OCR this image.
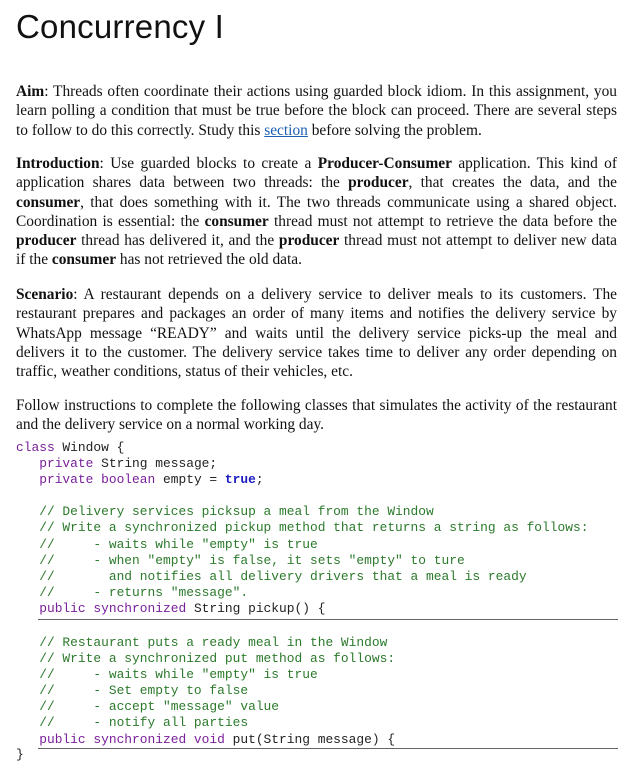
Concurrency I

Aim: Threads often coordinate their actions using guarded block idiom. In this assignment, you learn polling a condition that must be true before the block can proceed. There are several steps to follow to do this correctly. Study this section before solving the problem.

Introduction: Use guarded blocks to create a Producer-Consumer application. This kind of application shares data between two threads: the producer, that creates the data, and the consumer, that does something with it. The two threads communicate using a shared object. Coordination is essential: the consumer thread must not attempt to retrieve the data before the producer thread has delivered it, and the producer thread must not attempt to deliver new data if the consumer has not retrieved the old data.

Scenario: A restaurant depends on a delivery service to deliver meals to its customers. The restaurant prepares and packages an order of many items and notifies the delivery service by WhatsApp message “READY” and waits until the delivery service picks-up the meal and delivers it to the customer. The delivery service takes time to deliver any order depending on traffic, weather conditions, status of their vehicles, etc.

Follow instructions to complete the following classes that simulates the activity of the restaurant and the delivery service on a normal working day.

class Window {
private String message;
private boolean empty = true;

// Delivery services picksup a meal from the Window
// Write a synchronized pickup method that returns a string as follows:
//     - waits while "empty" is true
//     - when "empty" is false, it sets "empty" to ture
//       and notifies all delivery drivers that a meal is ready
//     - returns "message".
public synchronized String pickup() {
// Restaurant puts a ready meal in the Window
// Write a synchronized put method as follows:
//     - waits while "empty" is true
//     - Set empty to false
//     - accept "message" value
//     - notify all parties
public synchronized void put(String message) {
}
